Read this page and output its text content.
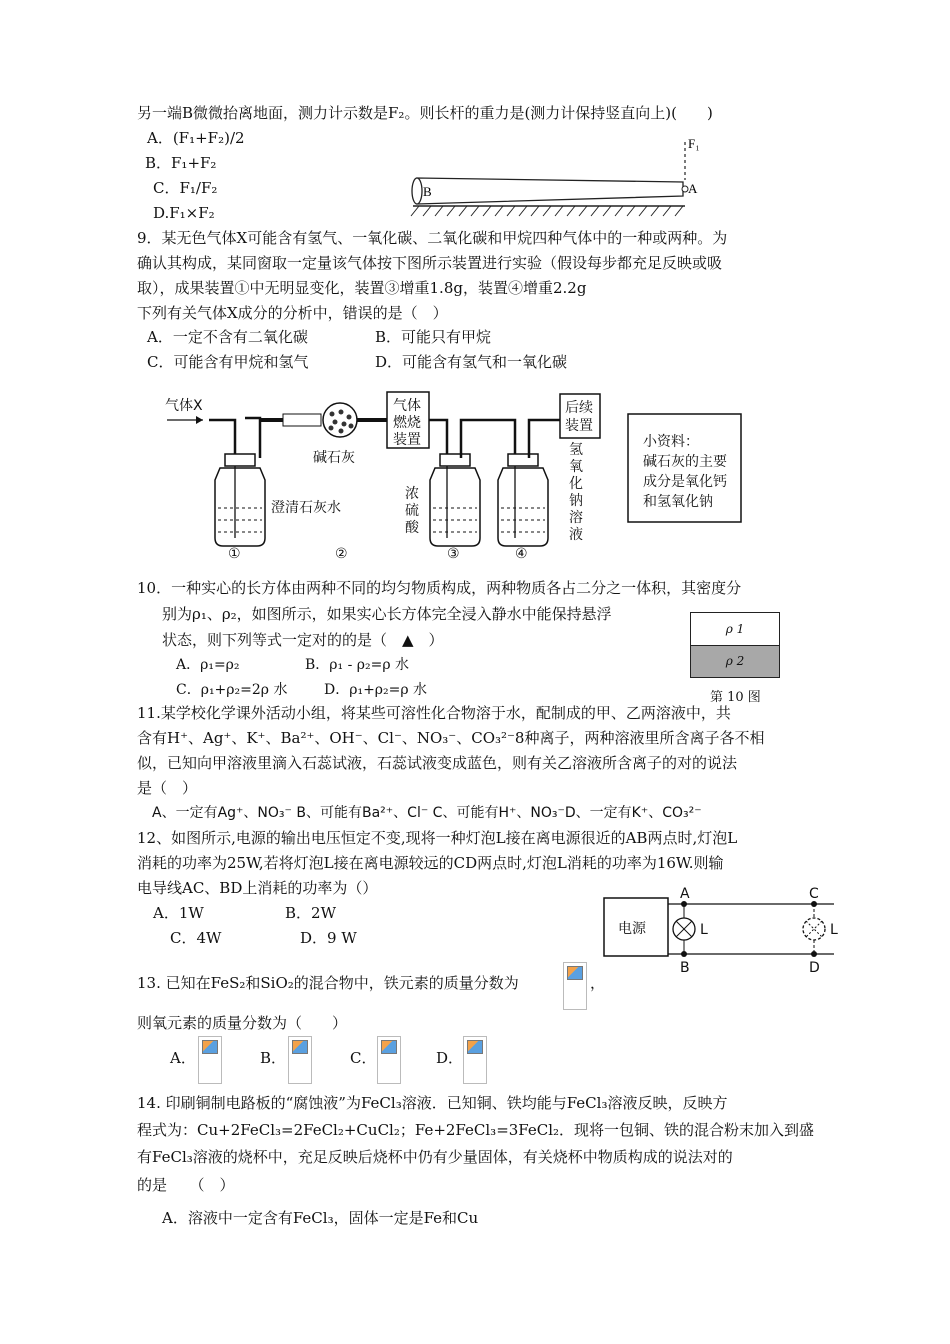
另一端B微微抬离地面，测力计示数是F₂。则长杆的重力是(测力计保持竖直向上)(　　)
A．(F₁+F₂)/2
B．F₁+F₂
C．F₁/F₂
D.F₁×F₂
B	A
F₁
9．某无色气体X可能含有氢气、一氧化碳、二氧化碳和甲烷四种气体中的一种或两种。为
确认其构成，某同窗取一定量该气体按下图所示装置进行实验（假设每步都充足反映或吸
取），成果装置①中无明显变化，装置③增重1.8g，装置④增重2.2g
下列有关气体X成分的分析中，错误的是（　）
A．一定不含有二氧化碳	B．可能只有甲烷
C．可能含有甲烷和氢气	D．可能含有氢气和一氧化碳
气体X
澄清石灰水
①
碱石灰
②
气体
燃烧
装置
浓
硫
酸
③	④
后续
装置
氢
氧
化
钠
溶
液
小资料：
碱石灰的主要
成分是氧化钙
和氢氧化钠
10．一种实心的长方体由两种不同的均匀物质构成，两种物质各占二分之一体积，其密度分
别为ρ₁、ρ₂，如图所示，如果实心长方体完全浸入静水中能保持悬浮
状态，则下列等式一定对的的是（　▲　）
A．ρ₁=ρ₂	B．ρ₁ - ρ₂=ρ 水
C．ρ₁+ρ₂=2ρ 水	D．ρ₁+ρ₂=ρ 水
ρ 1
ρ 2
第 10 图
11.某学校化学课外活动小组，将某些可溶性化合物溶于水，配制成的甲、乙两溶液中，共
含有H⁺、Ag⁺、K⁺、Ba²⁺、OH⁻、Cl⁻、NO₃⁻、CO₃²⁻8种离子，两种溶液里所含离子各不相
似，已知向甲溶液里滴入石蕊试液，石蕊试液变成蓝色，则有关乙溶液所含离子的对的说法
是（　）
A、一定有Ag⁺、NO₃⁻ B、可能有Ba²⁺、Cl⁻ C、可能有H⁺、NO₃⁻D、一定有K⁺、CO₃²⁻
12、如图所示,电源的输出电压恒定不变,现将一种灯泡L接在离电源很近的AB两点时,灯泡L
消耗的功率为25W,若将灯泡L接在离电源较远的CD两点时,灯泡L消耗的功率为16W.则输
电导线AC、BD上消耗的功率为（）
A．1W	B．2W
C．4W	D．9 W	电源
A
B
L
C
D
L
13. 已知在FeS₂和SiO₂的混合物中，铁元素的质量分数为	，
则氧元素的质量分数为（　　）
A．	B．	C．	D．
14. 印刷铜制电路板的“腐蚀液”为FeCl₃溶液．已知铜、铁均能与FeCl₃溶液反映，反映方
程式为：Cu+2FeCl₃=2FeCl₂+CuCl₂；Fe+2FeCl₃=3FeCl₂．现将一包铜、铁的混合粉末加入到盛
有FeCl₃溶液的烧杯中，充足反映后烧杯中仍有少量固体，有关烧杯中物质构成的说法对的
的是　　（　）
A．溶液中一定含有FeCl₃，固体一定是Fe和Cu
